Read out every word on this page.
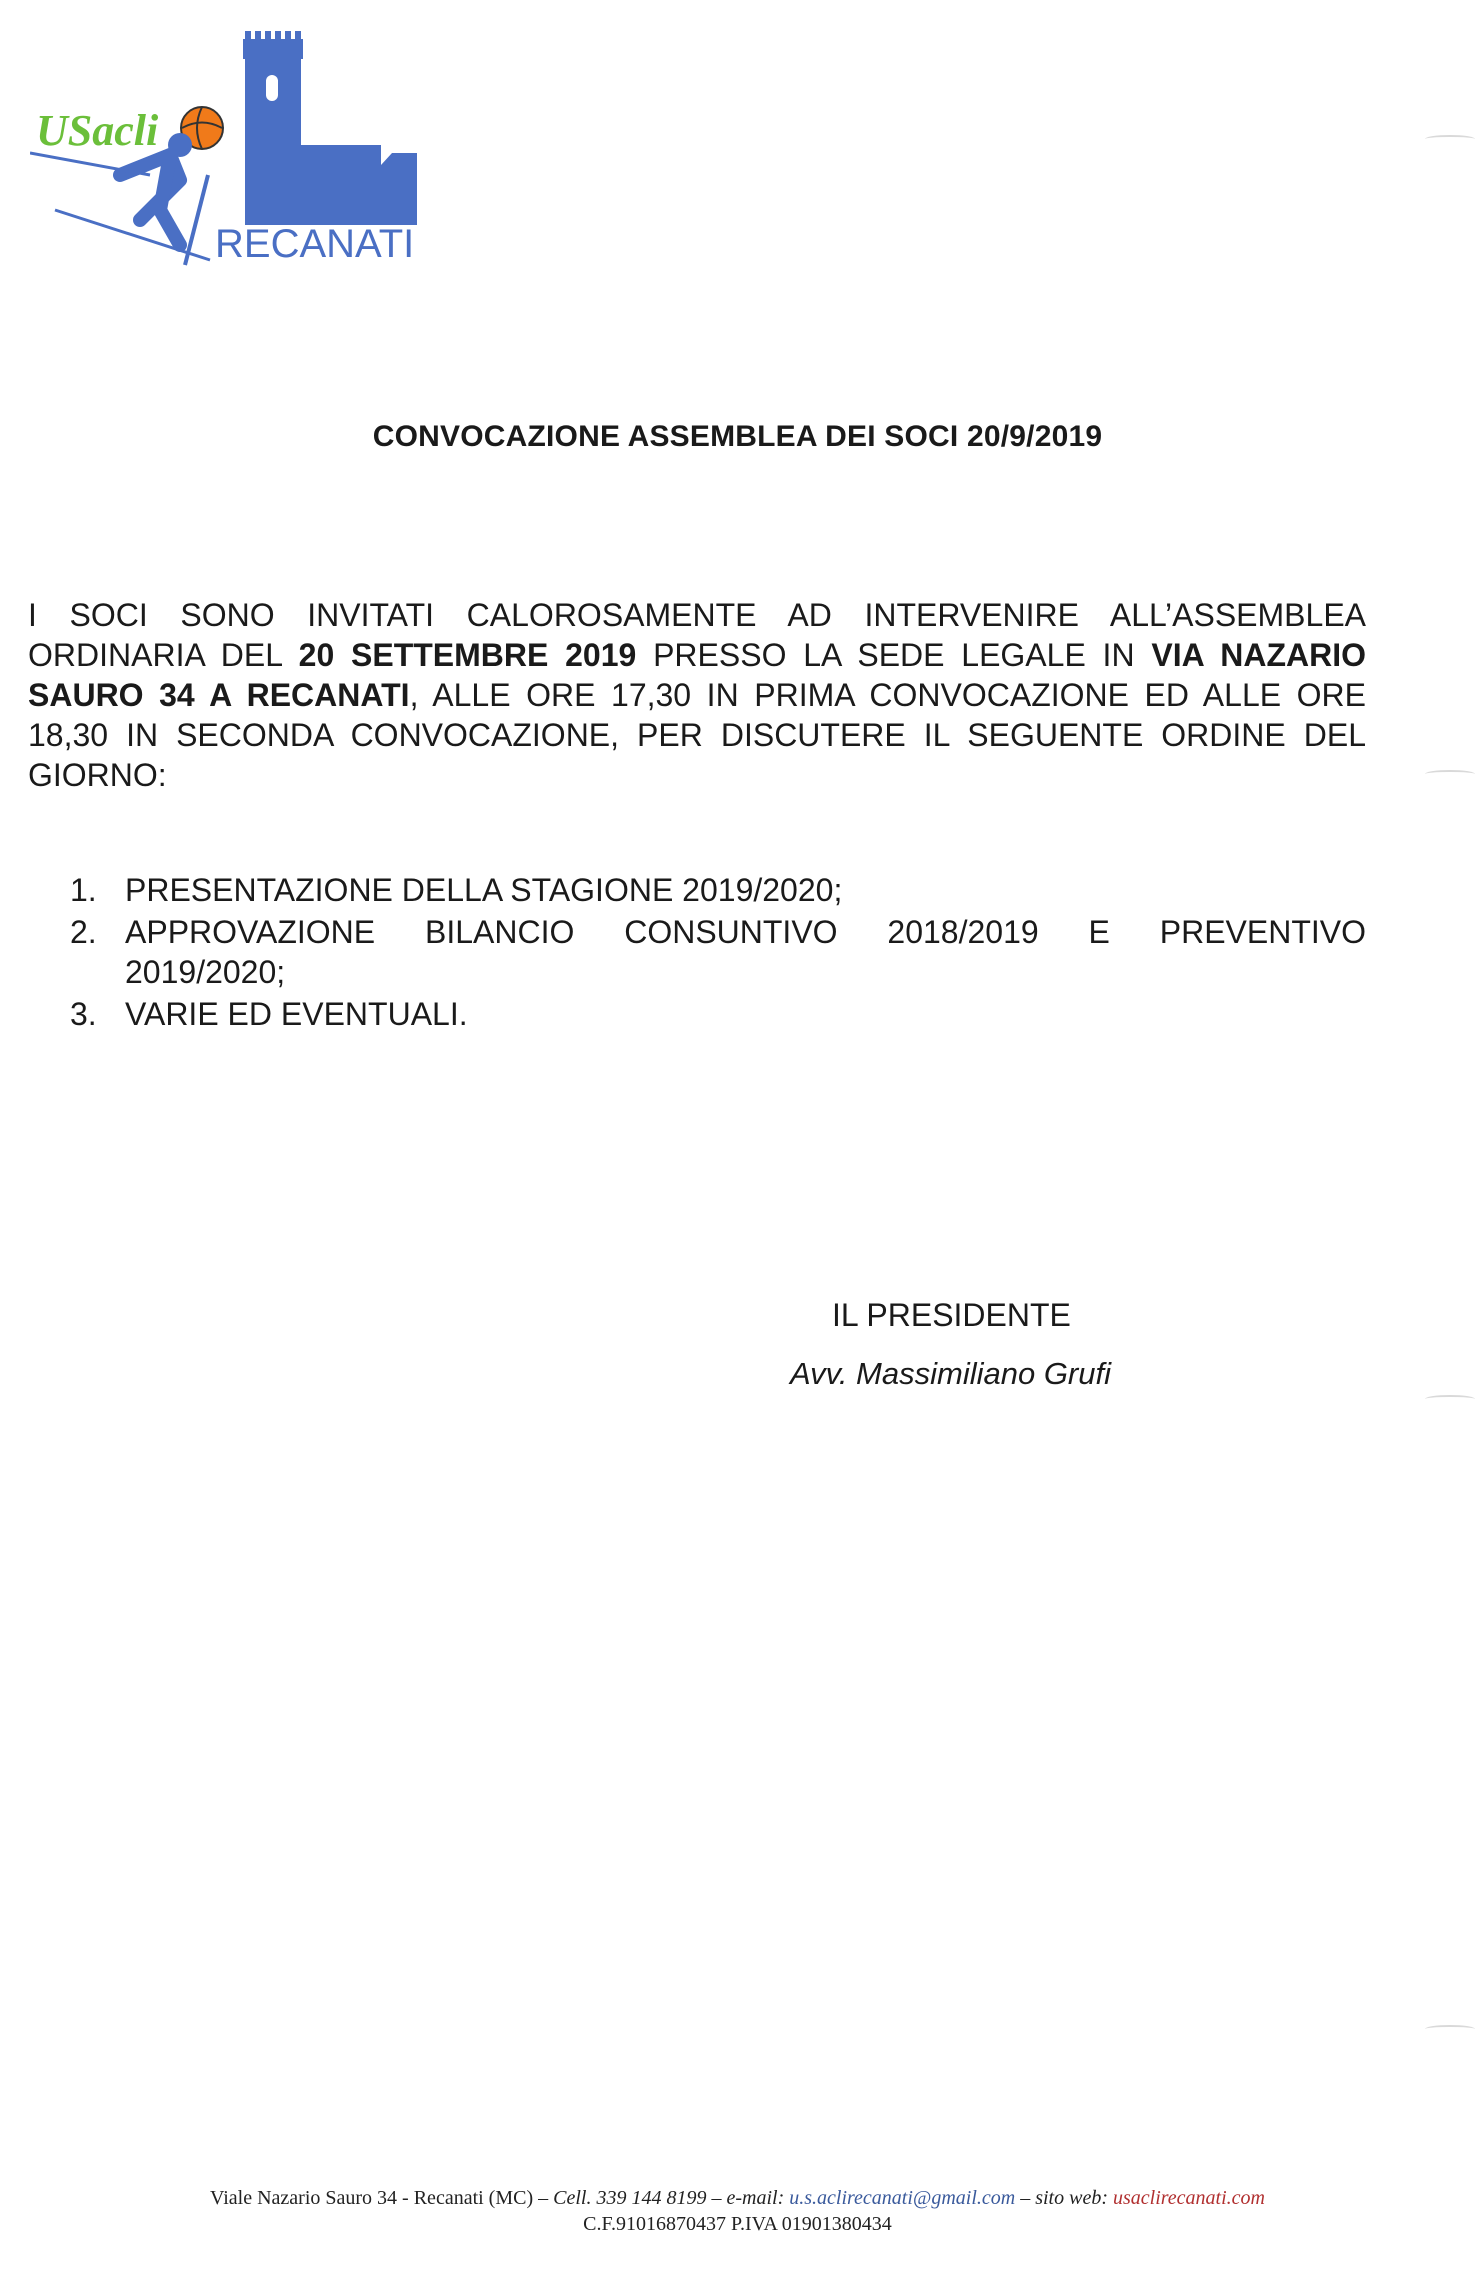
USacli
RECANATI
CONVOCAZIONE ASSEMBLEA DEI SOCI 20/9/2019

I SOCI SONO INVITATI CALOROSAMENTE AD INTERVENIRE ALL’ASSEMBLEA ORDINARIA DEL 20 SETTEMBRE 2019 PRESSO LA SEDE LEGALE IN VIA NAZARIO SAURO 34 A RECANATI, ALLE ORE 17,30 IN PRIMA CONVOCAZIONE ED ALLE ORE 18,30 IN SECONDA CONVOCAZIONE, PER DISCUTERE IL SEGUENTE ORDINE DEL GIORNO:

1. PRESENTAZIONE DELLA STAGIONE 2019/2020;
2. APPROVAZIONE BILANCIO CONSUNTIVO 2018/2019 E PREVENTIVO
2019/2020;
3. VARIE ED EVENTUALI.
IL PRESIDENTE
Avv. Massimiliano Grufi
Viale Nazario Sauro 34 - Recanati (MC) – Cell. 339 144 8199 – e-mail: u.s.aclirecanati@gmail.com – sito web: usaclirecanati.com
C.F.91016870437 P.IVA 01901380434
